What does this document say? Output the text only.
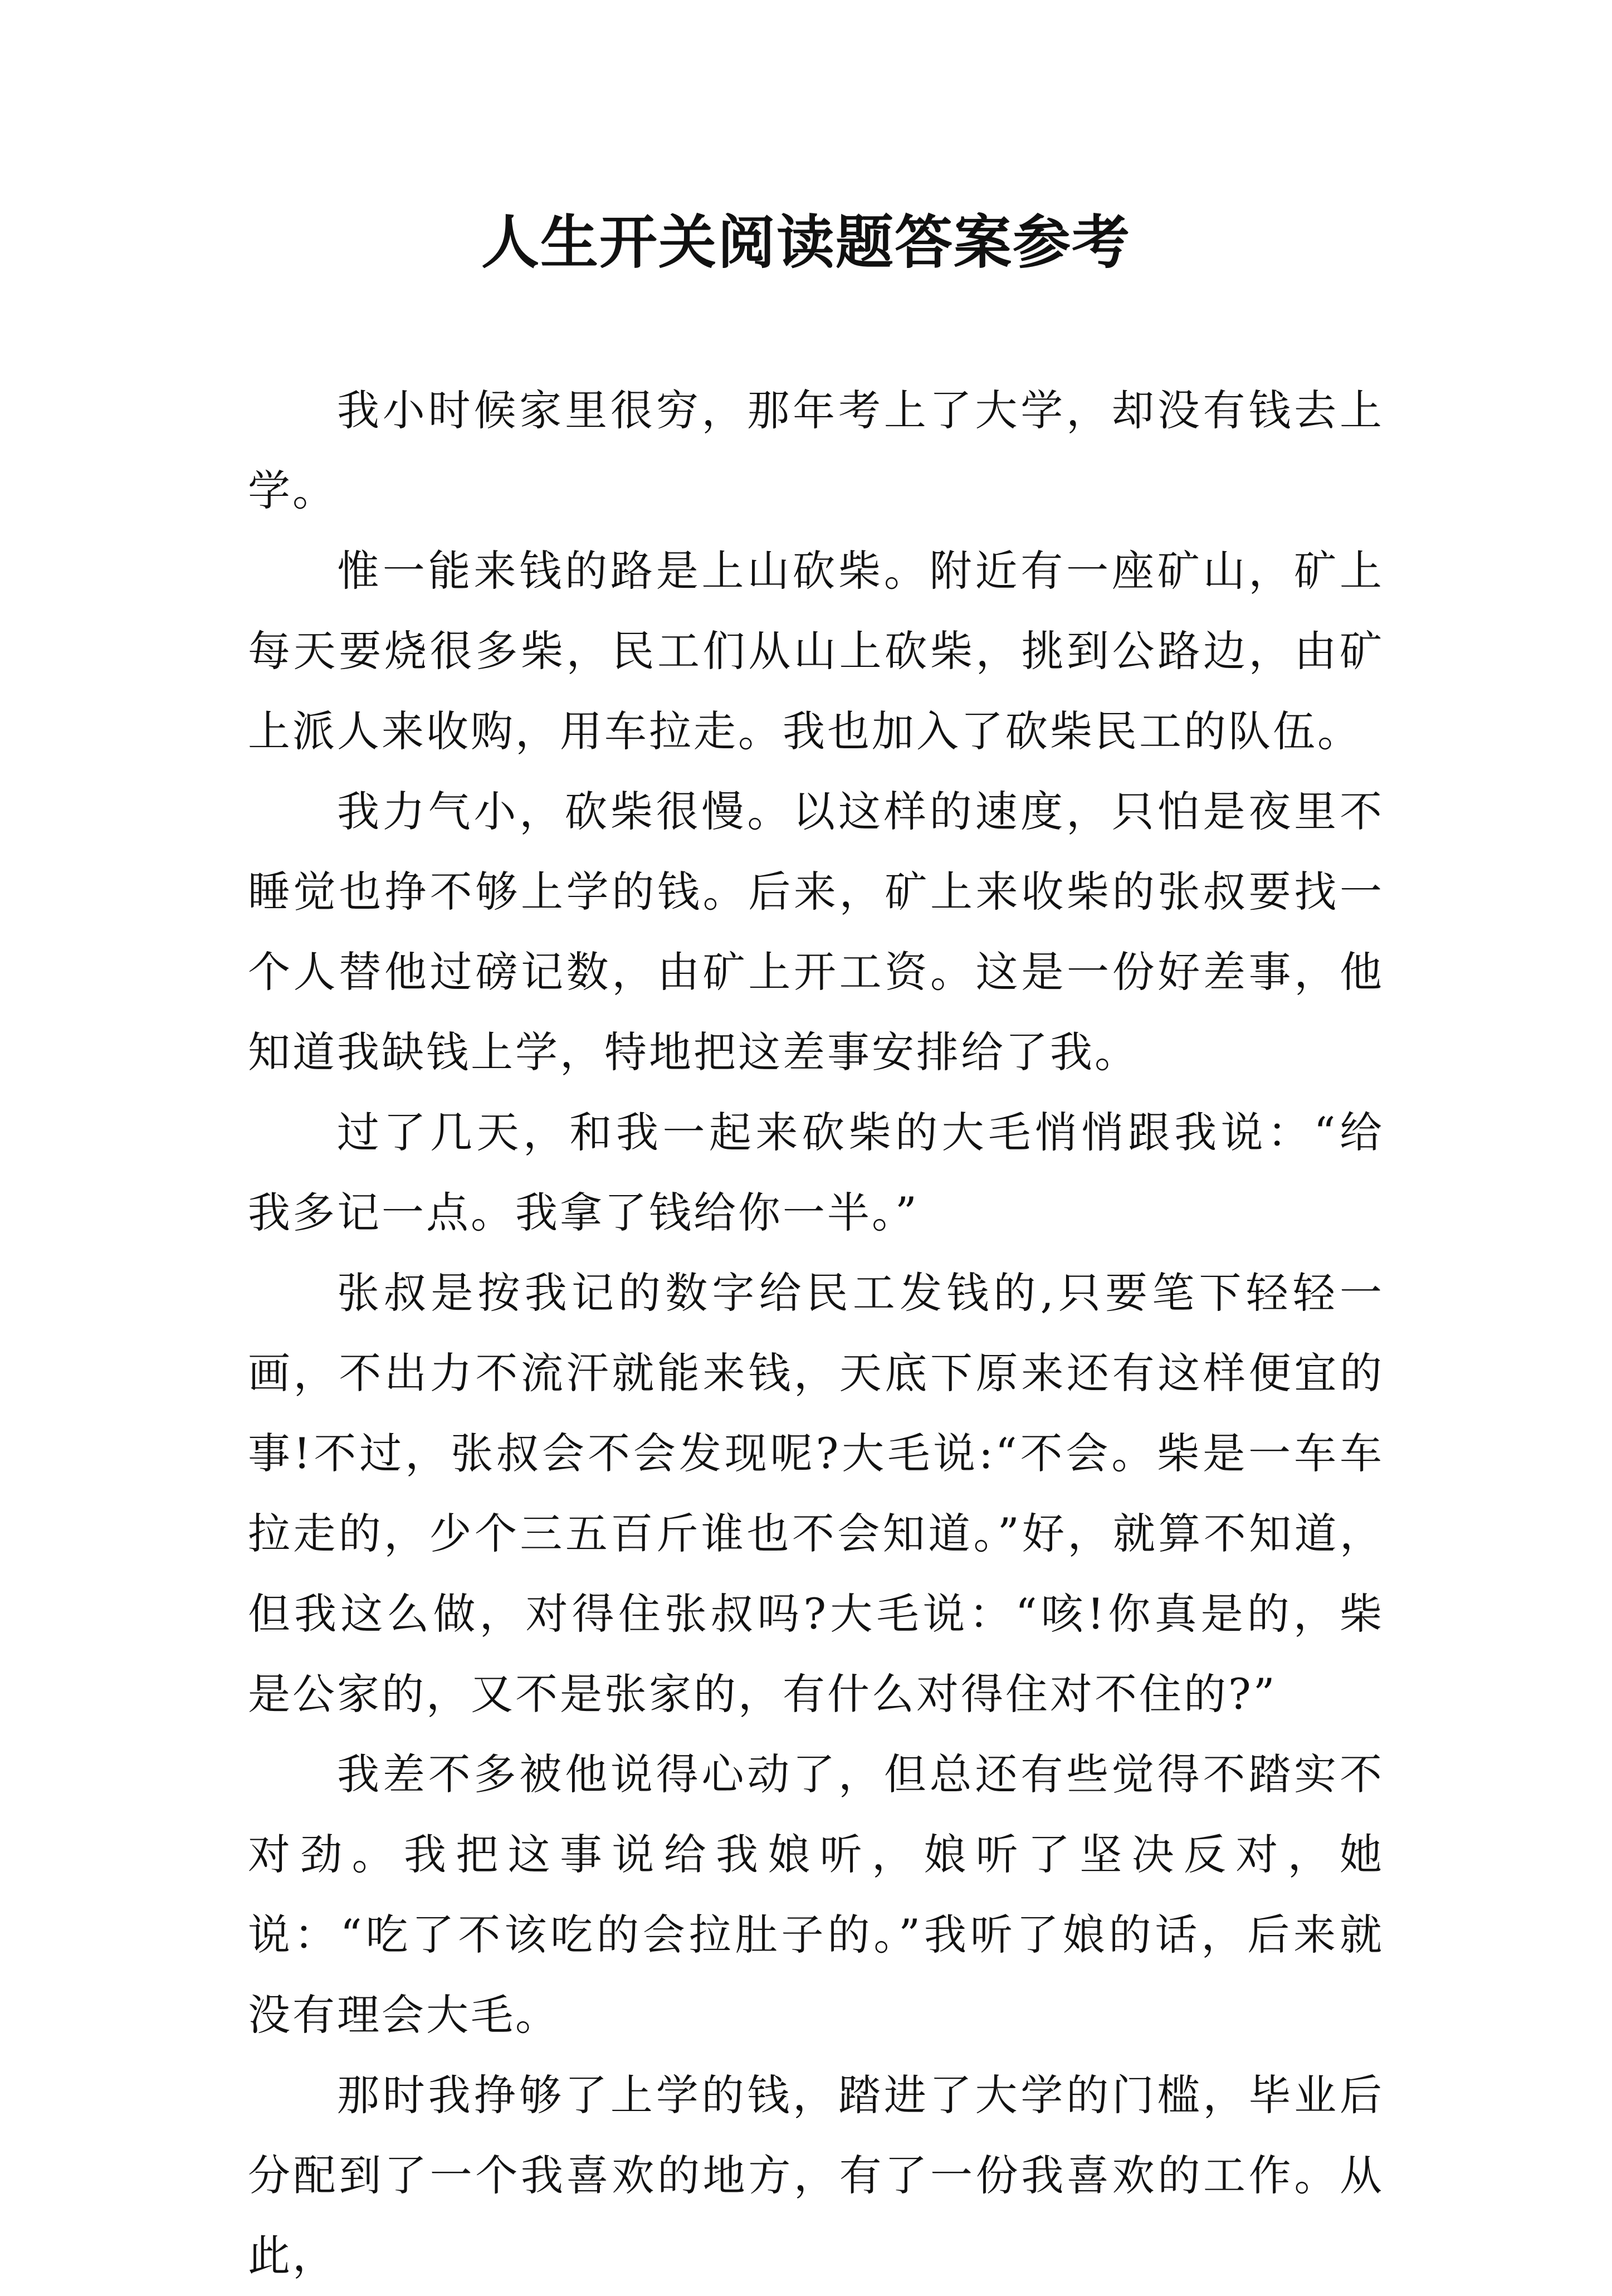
人生开关阅读题答案参考

我小时候家里很穷，那年考上了大学，却没有钱去上学。

惟一能来钱的路是上山砍柴。附近有一座矿山，矿上每天要烧很多柴，民工们从山上砍柴，挑到公路边，由矿上派人来收购，用车拉走。我也加入了砍柴民工的队伍。

我力气小，砍柴很慢。以这样的速度，只怕是夜里不睡觉也挣不够上学的钱。后来，矿上来收柴的张叔要找一个人替他过磅记数，由矿上开工资。这是一份好差事，他知道我缺钱上学，特地把这差事安排给了我。

过了几天，和我一起来砍柴的大毛悄悄跟我说：“给我多记一点。我拿了钱给你一半。”

张叔是按我记的数字给民工发钱的,只要笔下轻轻一画，不出力不流汗就能来钱，天底下原来还有这样便宜的事!不过，张叔会不会发现呢?大毛说:“不会。柴是一车车拉走的，少个三五百斤谁也不会知道。”好，就算不知道，但我这么做，对得住张叔吗?大毛说：“咳!你真是的，柴是公家的，又不是张家的，有什么对得住对不住的?”

我差不多被他说得心动了，但总还有些觉得不踏实不对劲。我把这事说给我娘听，娘听了坚决反对，她说：“吃了不该吃的会拉肚子的。”我听了娘的话，后来就没有理会大毛。

那时我挣够了上学的钱，踏进了大学的门槛，毕业后分配到了一个我喜欢的地方，有了一份我喜欢的工作。从此，
